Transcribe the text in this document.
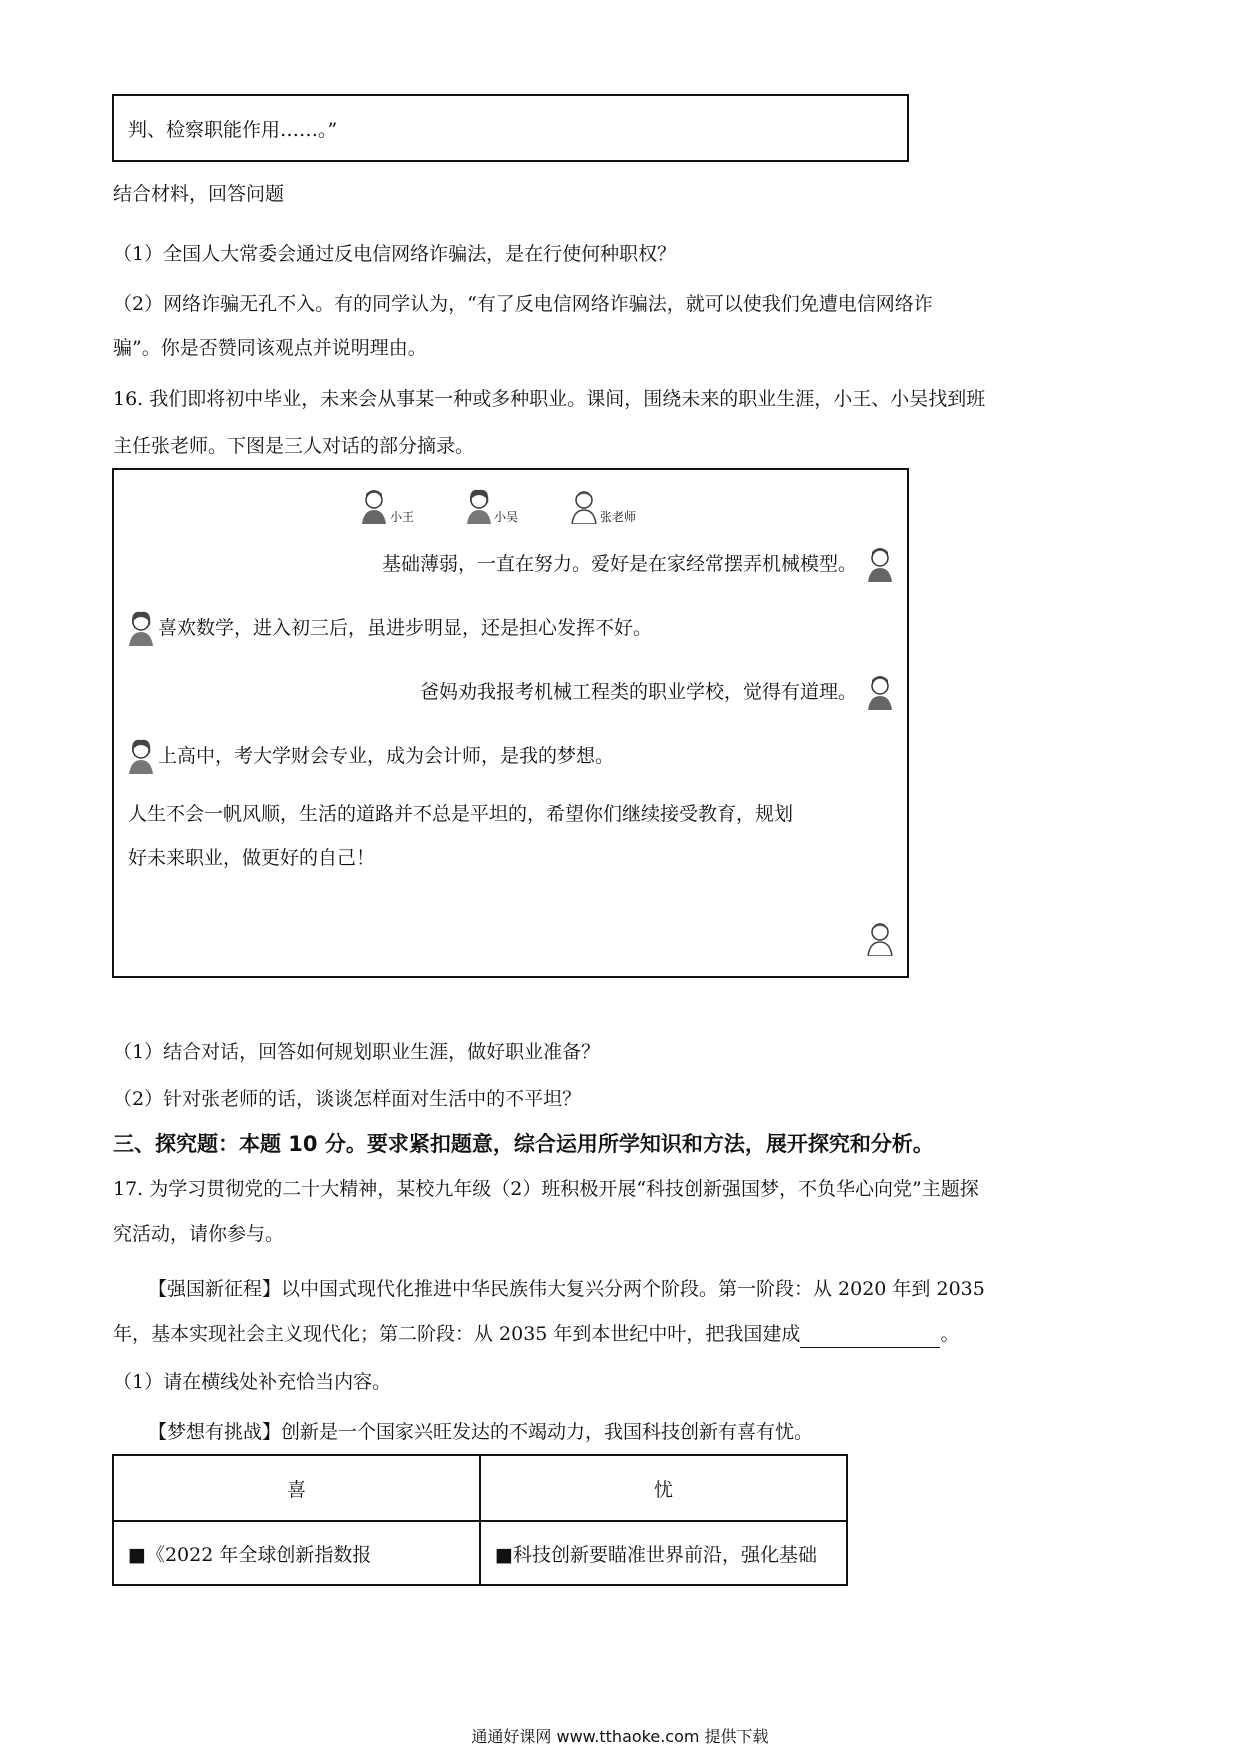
判、检察职能作用……。”
结合材料，回答问题
（1）全国人大常委会通过反电信网络诈骗法，是在行使何种职权？
（2）网络诈骗无孔不入。有的同学认为，“有了反电信网络诈骗法，就可以使我们免遭电信网络诈
骗”。你是否赞同该观点并说明理由。
16. 我们即将初中毕业，未来会从事某一种或多种职业。课间，围绕未来的职业生涯，小王、小吴找到班
主任张老师。下图是三人对话的部分摘录。
小王	小吴	张老师
基础薄弱，一直在努力。爱好是在家经常摆弄机械模型。
喜欢数学，进入初三后，虽进步明显，还是担心发挥不好。
爸妈劝我报考机械工程类的职业学校，觉得有道理。
上高中，考大学财会专业，成为会计师，是我的梦想。
人生不会一帆风顺，生活的道路并不总是平坦的，希望你们继续接受教育，规划
好未来职业，做更好的自己！
（1）结合对话，回答如何规划职业生涯，做好职业准备？
（2）针对张老师的话，谈谈怎样面对生活中的不平坦？
三、探究题：本题 10 分。要求紧扣题意，综合运用所学知识和方法，展开探究和分析。
17. 为学习贯彻党的二十大精神，某校九年级（2）班积极开展“科技创新强国梦，不负华心向党”主题探
究活动，请你参与。
【强国新征程】以中国式现代化推进中华民族伟大复兴分两个阶段。第一阶段：从 2020 年到 2035
年，基本实现社会主义现代化；第二阶段：从 2035 年到本世纪中叶，把我国建成	。
（1）请在横线处补充恰当内容。
【梦想有挑战】创新是一个国家兴旺发达的不竭动力，我国科技创新有喜有忧。
喜	忧
■《2022 年全球创新指数报	■科技创新要瞄准世界前沿，强化基础
通通好课网 www.tthaoke.com 提供下载
